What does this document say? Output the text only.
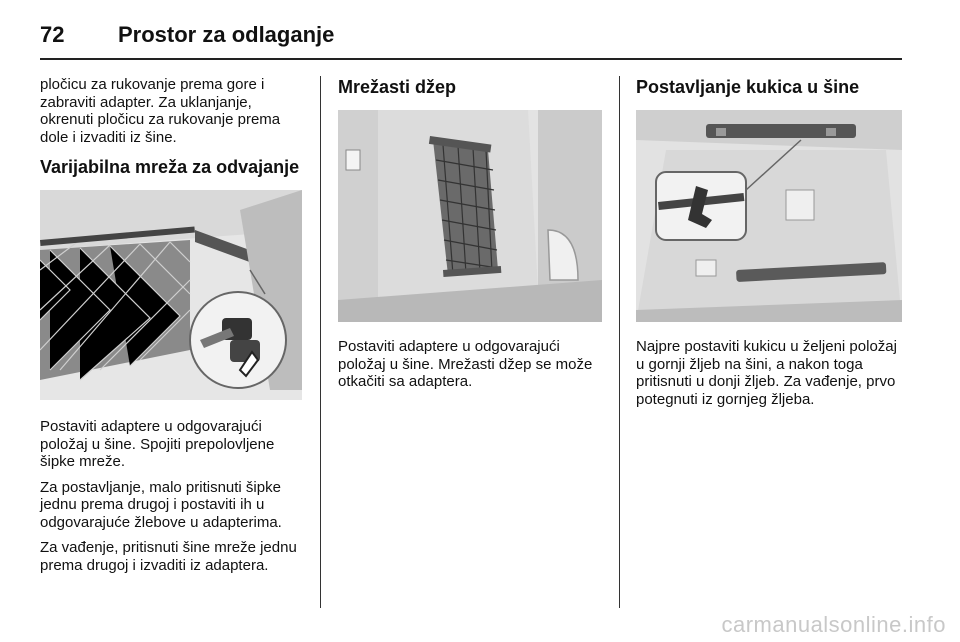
72 Prostor za odlaganje

pločicu za rukovanje prema gore i zabraviti adapter. Za uklanjanje, okrenuti pločicu za rukovanje prema dole i izvaditi iz šine.

Varijabilna mreža za odvajanje

Postaviti adaptere u odgovarajući položaj u šine. Spojiti prepolovljene šipke mreže.

Za postavljanje, malo pritisnuti šipke jednu prema drugoj i postaviti ih u odgovarajuće žlebove u adapterima.

Za vađenje, pritisnuti šine mreže jednu prema drugoj i izvaditi iz adaptera.

Mrežasti džep

Postaviti adaptere u odgovarajući položaj u šine. Mrežasti džep se može otkačiti sa adaptera.

Postavljanje kukica u šine

Najpre postaviti kukicu u željeni položaj u gornji žljeb na šini, a nakon toga pritisnuti u donji žljeb. Za vađenje, prvo potegnuti iz gornjeg žljeba.

carmanualsonline.info
